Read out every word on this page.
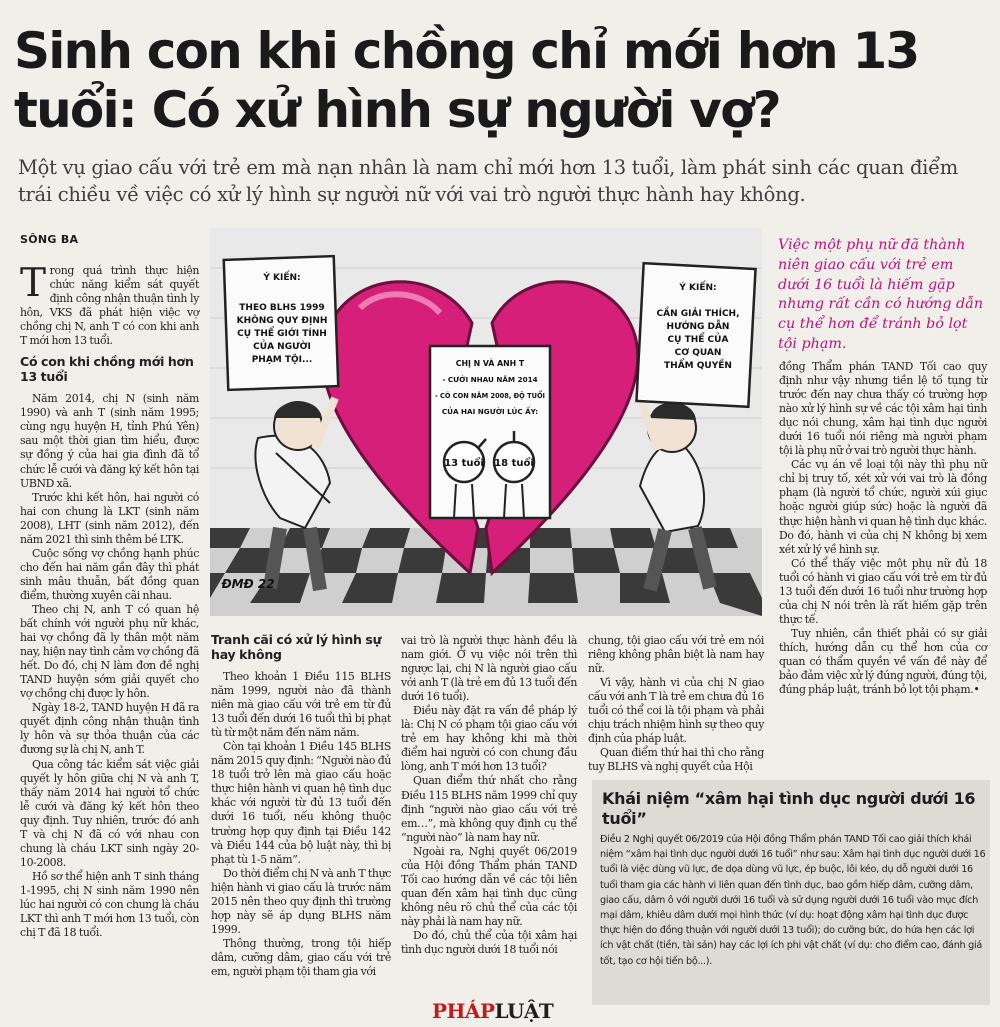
Sinh con khi chồng chỉ mới hơn 13 tuổi: Có xử hình sự người vợ?
Một vụ giao cấu với trẻ em mà nạn nhân là nam chỉ mới hơn 13 tuổi, làm phát sinh các quan điểm trái chiều về việc có xử lý hình sự người nữ với vai trò người thực hành hay không.
SÔNG BA

Trong quá trình thực hiện chức năng kiểm sát quyết định công nhận thuận tình ly hôn, VKS đã phát hiện việc vợ chồng chị N, anh T có con khi anh T mới hơn 13 tuổi.

Có con khi chồng mới hơn 13 tuổi

Năm 2014, chị N (sinh năm 1990) và anh T (sinh năm 1995; cùng ngụ huyện H, tỉnh Phú Yên) sau một thời gian tìm hiểu, được sự đồng ý của hai gia đình đã tổ chức lễ cưới và đăng ký kết hôn tại UBND xã.

Trước khi kết hôn, hai người có hai con chung là LKT (sinh năm 2008), LHT (sinh năm 2012), đến năm 2021 thì sinh thêm bé LTK.

Cuộc sống vợ chồng hạnh phúc cho đến hai năm gần đây thì phát sinh mâu thuẫn, bất đồng quan điểm, thường xuyên cãi nhau.

Theo chị N, anh T có quan hệ bất chính với người phụ nữ khác, hai vợ chồng đã ly thân một năm nay, hiện nay tình cảm vợ chồng đã hết. Do đó, chị N làm đơn đề nghị TAND huyện sớm giải quyết cho vợ chồng chị được ly hôn.

Ngày 18-2, TAND huyện H đã ra quyết định công nhận thuận tình ly hôn và sự thỏa thuận của các đương sự là chị N, anh T.

Qua công tác kiểm sát việc giải quyết ly hôn giữa chị N và anh T, thấy năm 2014 hai người tổ chức lễ cưới và đăng ký kết hôn theo quy định. Tuy nhiên, trước đó anh T và chị N đã có với nhau con chung là cháu LKT sinh ngày 20-10-2008.

Hồ sơ thể hiện anh T sinh tháng 1-1995, chị N sinh năm 1990 nên lúc hai người có con chung là cháu LKT thì anh T mới hơn 13 tuổi, còn chị T đã 18 tuổi.

Tranh cãi có xử lý hình sự hay không

Theo khoản 1 Điều 115 BLHS năm 1999, người nào đã thành niên mà giao cấu với trẻ em từ đủ 13 tuổi đến dưới 16 tuổi thì bị phạt tù từ một năm đến năm năm.

Còn tại khoản 1 Điều 145 BLHS năm 2015 quy định: “Người nào đủ 18 tuổi trở lên mà giao cấu hoặc thực hiện hành vi quan hệ tình dục khác với người từ đủ 13 tuổi đến dưới 16 tuổi, nếu không thuộc trường hợp quy định tại Điều 142 và Điều 144 của bộ luật này, thì bị phạt tù 1-5 năm”.

Do thời điểm chị N và anh T thực hiện hành vi giao cấu là trước năm 2015 nên theo quy định thì trường hợp này sẽ áp dụng BLHS năm 1999.

Thông thường, trong tội hiếp dâm, cưỡng dâm, giao cấu với trẻ em, người phạm tội tham gia với

vai trò là người thực hành đều là nam giới. Ở vụ việc nói trên thì ngược lại, chị N là người giao cấu với anh T (là trẻ em đủ 13 tuổi đến dưới 16 tuổi).

Điều này đặt ra vấn đề pháp lý là: Chị N có phạm tội giao cấu với trẻ em hay không khi mà thời điểm hai người có con chung đầu lòng, anh T mới hơn 13 tuổi?

Quan điểm thứ nhất cho rằng Điều 115 BLHS năm 1999 chỉ quy định “người nào giao cấu với trẻ em…”, mà không quy định cụ thể “người nào” là nam hay nữ.

Ngoài ra, Nghị quyết 06/2019 của Hội đồng Thẩm phán TAND Tối cao hướng dẫn về các tội liên quan đến xâm hại tình dục cũng không nêu rõ chủ thể của các tội này phải là nam hay nữ.

Do đó, chủ thể của tội xâm hại tình dục người dưới 18 tuổi nói

chung, tội giao cấu với trẻ em nói riêng không phân biệt là nam hay nữ.

Vì vậy, hành vi của chị N giao cấu với anh T là trẻ em chưa đủ 16 tuổi có thể coi là tội phạm và phải chịu trách nhiệm hình sự theo quy định của pháp luật.

Quan điểm thứ hai thì cho rằng tuy BLHS và nghị quyết của Hội

đồng Thẩm phán TAND Tối cao quy định như vậy nhưng tiền lệ tố tụng từ trước đến nay chưa thấy có trường hợp nào xử lý hình sự về các tội xâm hại tình dục nói chung, xâm hại tình dục người dưới 16 tuổi nói riêng mà người phạm tội là phụ nữ ở vai trò người thực hành.

Các vụ án về loại tội này thì phụ nữ chỉ bị truy tố, xét xử với vai trò là đồng phạm (là người tổ chức, người xúi giục hoặc người giúp sức) hoặc là người đã thực hiện hành vi quan hệ tình dục khác. Do đó, hành vi của chị N không bị xem xét xử lý về hình sự.

Có thể thấy việc một phụ nữ đủ 18 tuổi có hành vi giao cấu với trẻ em từ đủ 13 tuổi đến dưới 16 tuổi như trường hợp của chị N nói trên là rất hiếm gặp trên thực tế.

Tuy nhiên, cần thiết phải có sự giải thích, hướng dẫn cụ thể hơn của cơ quan có thẩm quyền về vấn đề này để bảo đảm việc xử lý đúng người, đúng tội, đúng pháp luật, tránh bỏ lọt tội phạm.•

Việc một phụ nữ đã thành niên giao cấu với trẻ em dưới 16 tuổi là hiếm gặp nhưng rất cần có hướng dẫn cụ thể hơn để tránh bỏ lọt tội phạm.
Ý KIẾN:
THEO BLHS 1999
KHÔNG QUY ĐỊNH
CỤ THỂ GIỚI TÍNH
CỦA NGƯỜI
PHẠM TỘI...
Ý KIẾN:
CẦN GIẢI THÍCH,
HƯỚNG DẪN
CỤ THỂ CỦA
CƠ QUAN
THẨM QUYỀN
CHỊ N VÀ ANH T
- CƯỚI NHAU NĂM 2014
- CÓ CON NĂM 2008, ĐỘ TUỔI
CỦA HAI NGƯỜI LÚC ẤY:
13 tuổi 18 tuổi
ĐMĐ 22
Khái niệm “xâm hại tình dục người dưới 16 tuổi”
Điều 2 Nghị quyết 06/2019 của Hội đồng Thẩm phán TAND Tối cao giải thích khái niệm “xâm hại tình dục người dưới 16 tuổi” như sau: Xâm hại tình dục người dưới 16 tuổi là việc dùng vũ lực, đe dọa dùng vũ lực, ép buộc, lôi kéo, dụ dỗ người dưới 16 tuổi tham gia các hành vi liên quan đến tình dục, bao gồm hiếp dâm, cưỡng dâm, giao cấu, dâm ô với người dưới 16 tuổi và sử dụng người dưới 16 tuổi vào mục đích mại dâm, khiêu dâm dưới mọi hình thức (ví dụ: hoạt động xâm hại tình dục được thực hiện do đồng thuận với người dưới 13 tuổi); do cưỡng bức, do hứa hẹn các lợi ích vật chất (tiền, tài sản) hay các lợi ích phi vật chất (ví dụ: cho điểm cao, đánh giá tốt, tạo cơ hội tiến bộ...).
PHÁPLUẬT
